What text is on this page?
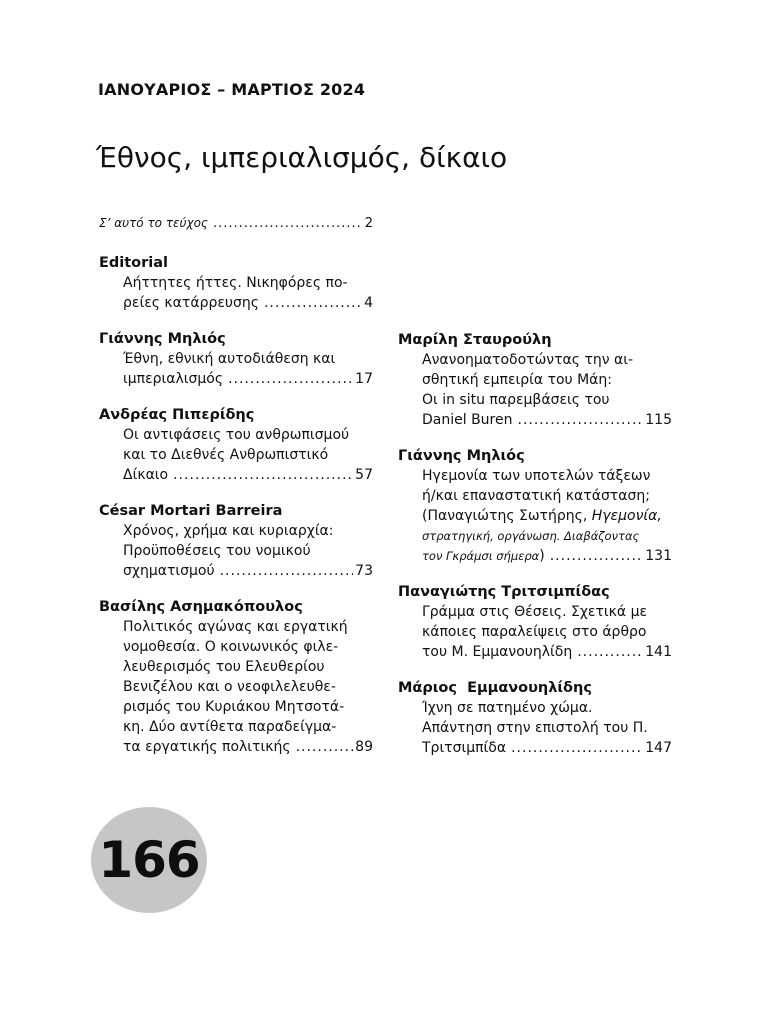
ΙΑΝΟΥΑΡΙΟΣ – ΜΑΡΤΙΟΣ 2024
Έθνος, ιμπεριαλισμός, δίκαιο
Σ’ αυτό το τεύχος .....	2
Editorial
Αήττητες ήττες. Νικηφόρες πο-
ρείες κατάρρευσης .....	4
Γιάννης Μηλιός
Έθνη, εθνική αυτοδιάθεση και
ιμπεριαλισμός .....	17
Ανδρέας Πιπερίδης
Οι αντιφάσεις του ανθρωπισμού
και το Διεθνές Ανθρωπιστικό
Δίκαιο .....	57
César Mortari Barreira
Χρόνος, χρήμα και κυριαρχία:
Προϋποθέσεις του νομικού
σχηματισμού .....	73
Βασίλης Ασημακόπουλος
Πολιτικός αγώνας και εργατική
νομοθεσία. Ο κοινωνικός φιλε-
λευθερισμός του Ελευθερίου
Βενιζέλου και ο νεοφιλελευθε-
ρισμός του Κυριάκου Μητσοτά-
κη. Δύο αντίθετα παραδείγμα-
τα εργατικής πολιτικής .....	89
Μαρίλη Σταυρούλη
Ανανοηματοδοτώντας την αι-
σθητική εμπειρία του Μάη:
Οι in situ παρεμβάσεις του
Daniel Buren .....	115
Γιάννης Μηλιός
Ηγεμονία των υποτελών τάξεων
ή/και επαναστατική κατάσταση;
(Παναγιώτης Σωτήρης, Ηγεμονία,
στρατηγική, οργάνωση. Διαβάζοντας
τον Γκράμσι σήμερα) .....	131
Παναγιώτης Τριτσιμπίδας
Γράμμα στις Θέσεις. Σχετικά με
κάποιες παραλείψεις στο άρθρο
του Μ. Εμμανουηλίδη .....	141
Μάριος  Εμμανουηλίδης
Ίχνη σε πατημένο χώμα.
Απάντηση στην επιστολή του Π.
Τριτσιμπίδα .....	147
166
